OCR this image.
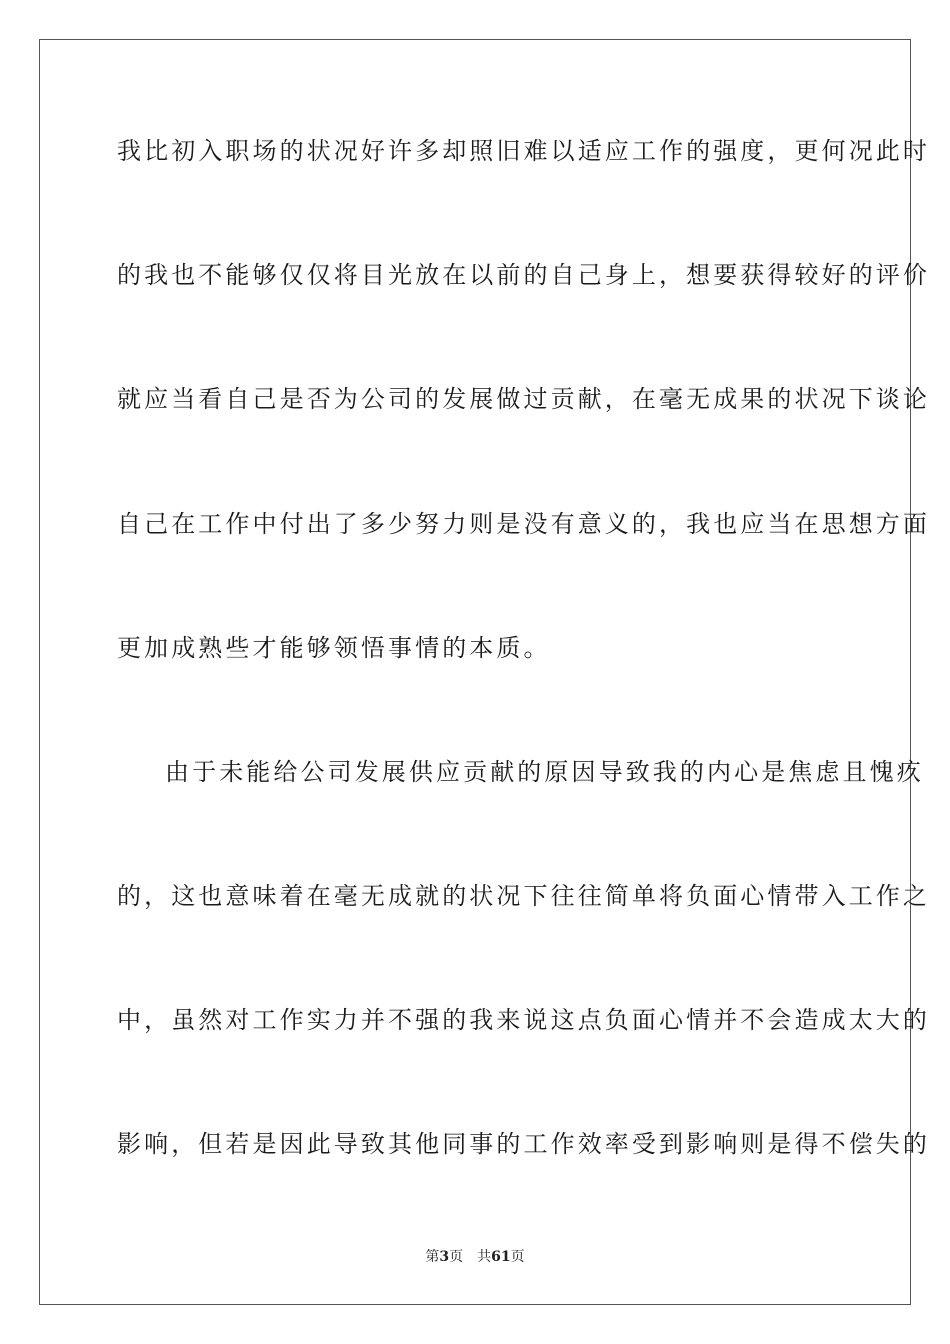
我比初入职场的状况好许多却照旧难以适应工作的强度，更何况此时
的我也不能够仅仅将目光放在以前的自己身上，想要获得较好的评价
就应当看自己是否为公司的发展做过贡献，在毫无成果的状况下谈论
自己在工作中付出了多少努力则是没有意义的，我也应当在思想方面
更加成熟些才能够领悟事情的本质。
由于未能给公司发展供应贡献的原因导致我的内心是焦虑且愧疚
的，这也意味着在毫无成就的状况下往往简单将负面心情带入工作之
中，虽然对工作实力并不强的我来说这点负面心情并不会造成太大的
影响，但若是因此导致其他同事的工作效率受到影响则是得不偿失的
第3页 共61页
